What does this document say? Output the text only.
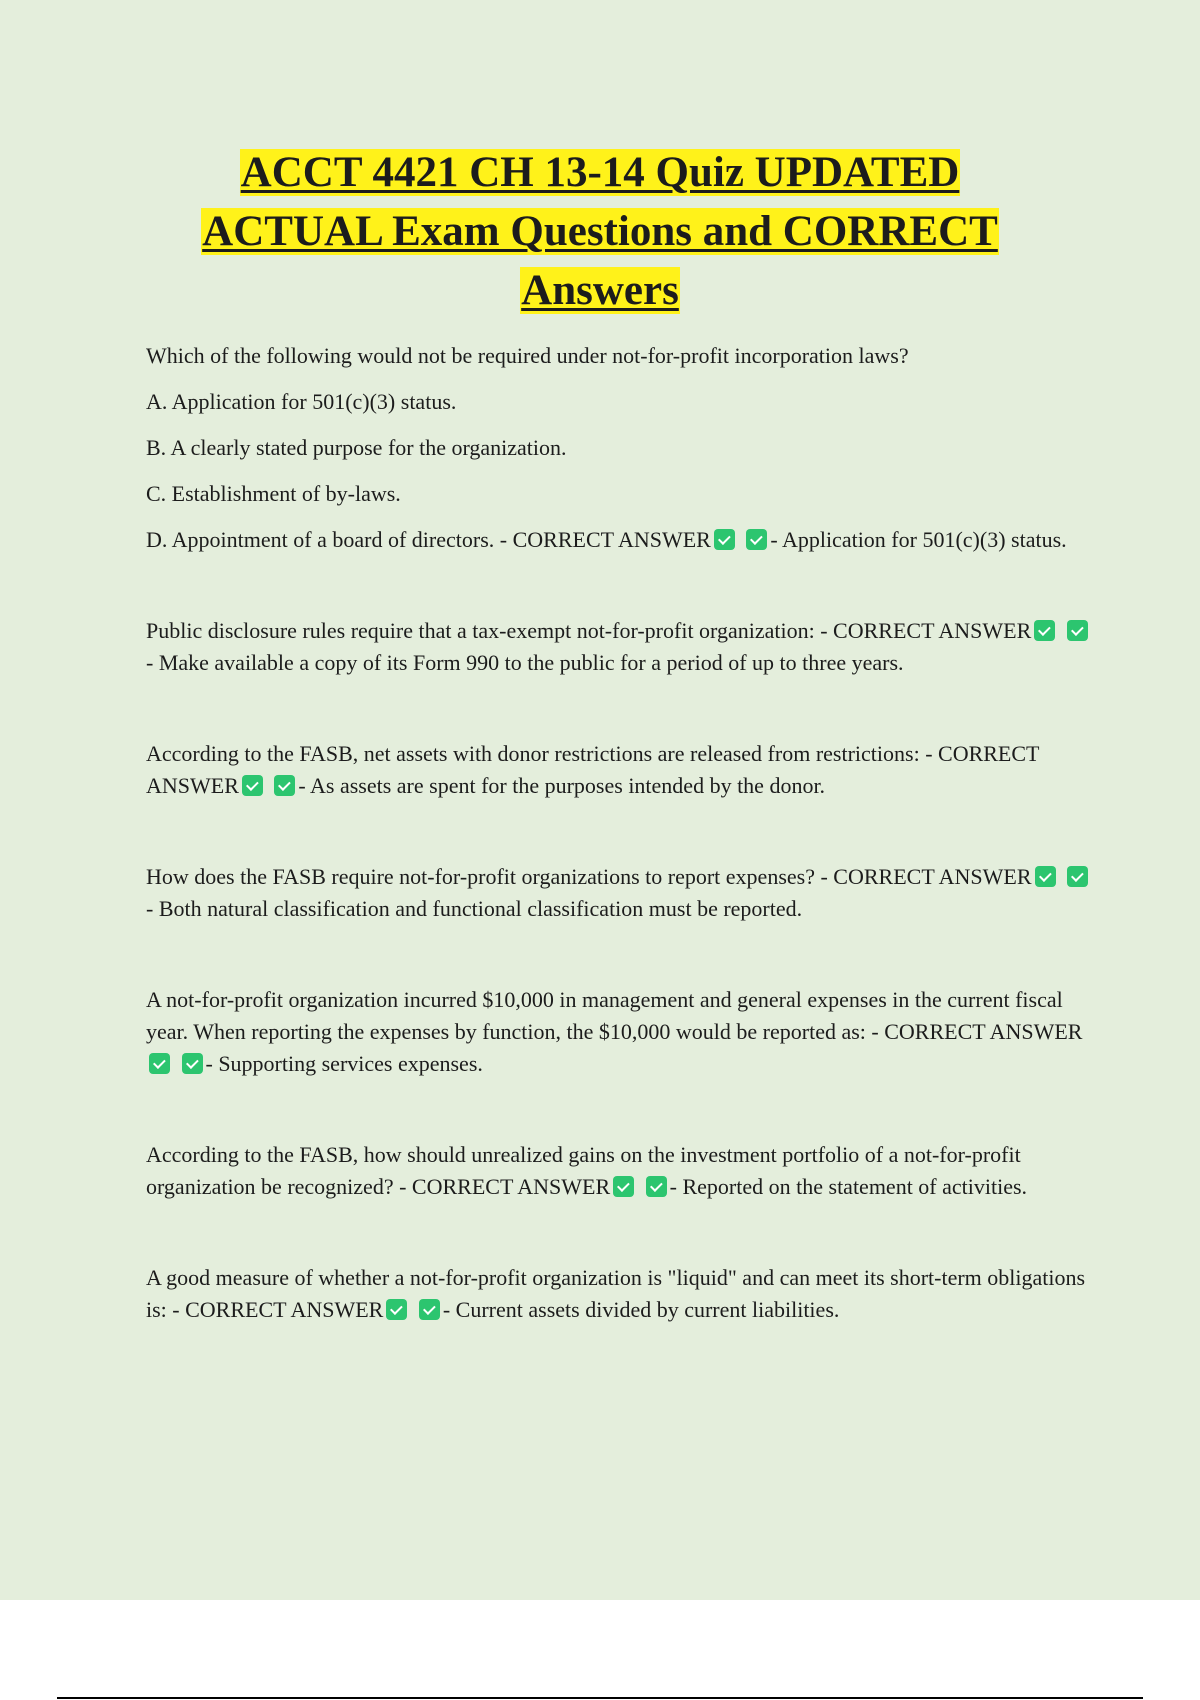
ACCT 4421 CH 13-14 Quiz UPDATED
ACTUAL Exam Questions and CORRECT
Answers

Which of the following would not be required under not-for-profit incorporation laws?

A. Application for 501(c)(3) status.

B. A clearly stated purpose for the organization.

C. Establishment of by-laws.

D. Appointment of a board of directors. - CORRECT ANSWER	- Application for 501(c)(3) status.

Public disclosure rules require that a tax-exempt not-for-profit organization: - CORRECT ANSWER - Make available a copy of its Form 990 to the public for a period of up to three years.

According to the FASB, net assets with donor restrictions are released from restrictions: - CORRECT ANSWER	- As assets are spent for the purposes intended by the donor.

How does the FASB require not-for-profit organizations to report expenses? - CORRECT ANSWER - Both natural classification and functional classification must be reported.

A not-for-profit organization incurred $10,000 in management and general expenses in the current fiscal year. When reporting the expenses by function, the $10,000 would be reported as: - CORRECT ANSWER - Supporting services expenses.

According to the FASB, how should unrealized gains on the investment portfolio of a not-for-profit organization be recognized? - CORRECT ANSWER	- Reported on the statement of activities.

A good measure of whether a not-for-profit organization is "liquid" and can meet its short-term obligations is: - CORRECT ANSWER	- Current assets divided by current liabilities.
